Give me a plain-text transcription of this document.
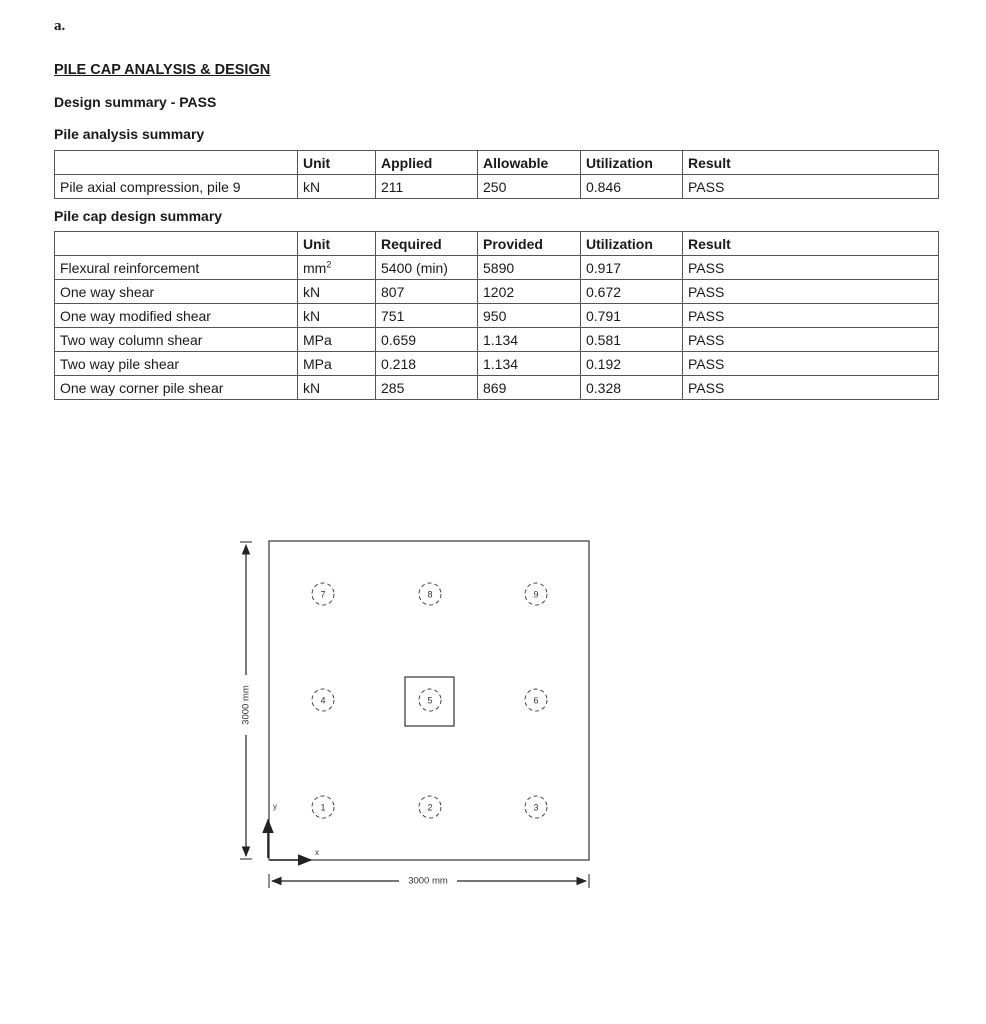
a.
PILE CAP ANALYSIS & DESIGN
Design summary - PASS
Pile analysis summary
	Unit	Applied	Allowable	Utilization	Result
Pile axial compression, pile 9	kN	211	250	0.846	PASS
Pile cap design summary
	Unit	Required	Provided	Utilization	Result
Flexural reinforcement	$mm^2$	5400 (min)	5890	0.917	PASS
One way shear	kN	807	1202	0.672	PASS
One way modified shear	kN	751	950	0.791	PASS
Two way column shear	MPa	0.659	1.134	0.581	PASS
Two way pile shear	MPa	0.218	1.134	0.192	PASS
One way corner pile shear	kN	285	869	0.328	PASS
1	2	3
4	5	6
7	8	9
3000 mm
3000 mm
y
x
